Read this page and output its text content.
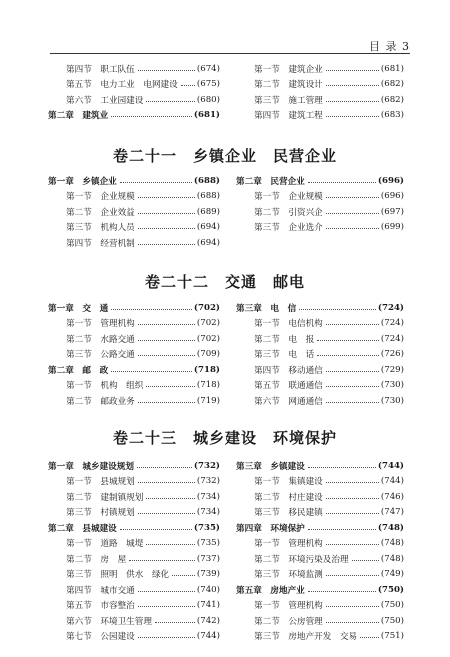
目 录 3
第四节　职工队伍	(674)
第五节　电力工业　电网建设 (675)
第六节　工业园建设	(680)
第二章　建筑业	(681)
第一节　建筑企业	(681)
第二节　建筑设计	(682)
第三节　施工管理	(682)
第四节　建筑工程	(683)
卷二十一　乡镇企业　民营企业
第一章　乡镇企业	(688)
第一节　企业规模	(688)
第二节　企业效益	(689)
第三节　机构人员	(694)
第四节　经营机制	(694)
第二章　民营企业	(696)
第一节　企业规模	(696)
第二节　引资兴企	(697)
第三节　企业选介	(699)
卷二十二　交通　邮电
第一章　交　通	(702)
第一节　管理机构	(702)
第二节　水路交通	(702)
第三节　公路交通	(709)
第二章　邮　政	(718)
第一节　机构　组织	(718)
第二节　邮政业务	(719)
第三章　电　信	(724)
第一节　电信机构	(724)
第二节　电　报	(724)
第三节　电　话	(726)
第四节　移动通信	(729)
第五节　联通通信	(730)
第六节　网通通信	(730)
卷二十三　城乡建设　环境保护
第一章　城乡建设规划	(732)
第一节　县城规划	(732)
第二节　建制镇规划	(734)
第三节　村镇规划	(734)
第二章　县城建设	(735)
第一节　道路　城堤	(735)
第二节　房　屋	(737)
第三节　照明　供水　绿化	(739)
第四节　城市交通	(740)
第五节　市容整治	(741)
第六节　环境卫生管理	(742)
第七节　公园建设	(744)
第三章　乡镇建设	(744)
第一节　集镇建设	(744)
第二节　村庄建设	(746)
第三节　移民建镇	(747)
第四章　环境保护	(748)
第一节　管理机构	(748)
第二节　环境污染及治理	(748)
第三节　环境监测	(749)
第五章　房地产业	(750)
第一节　管理机构	(750)
第二节　公房管理	(750)
第三节　房地产开发　交易	(751)
